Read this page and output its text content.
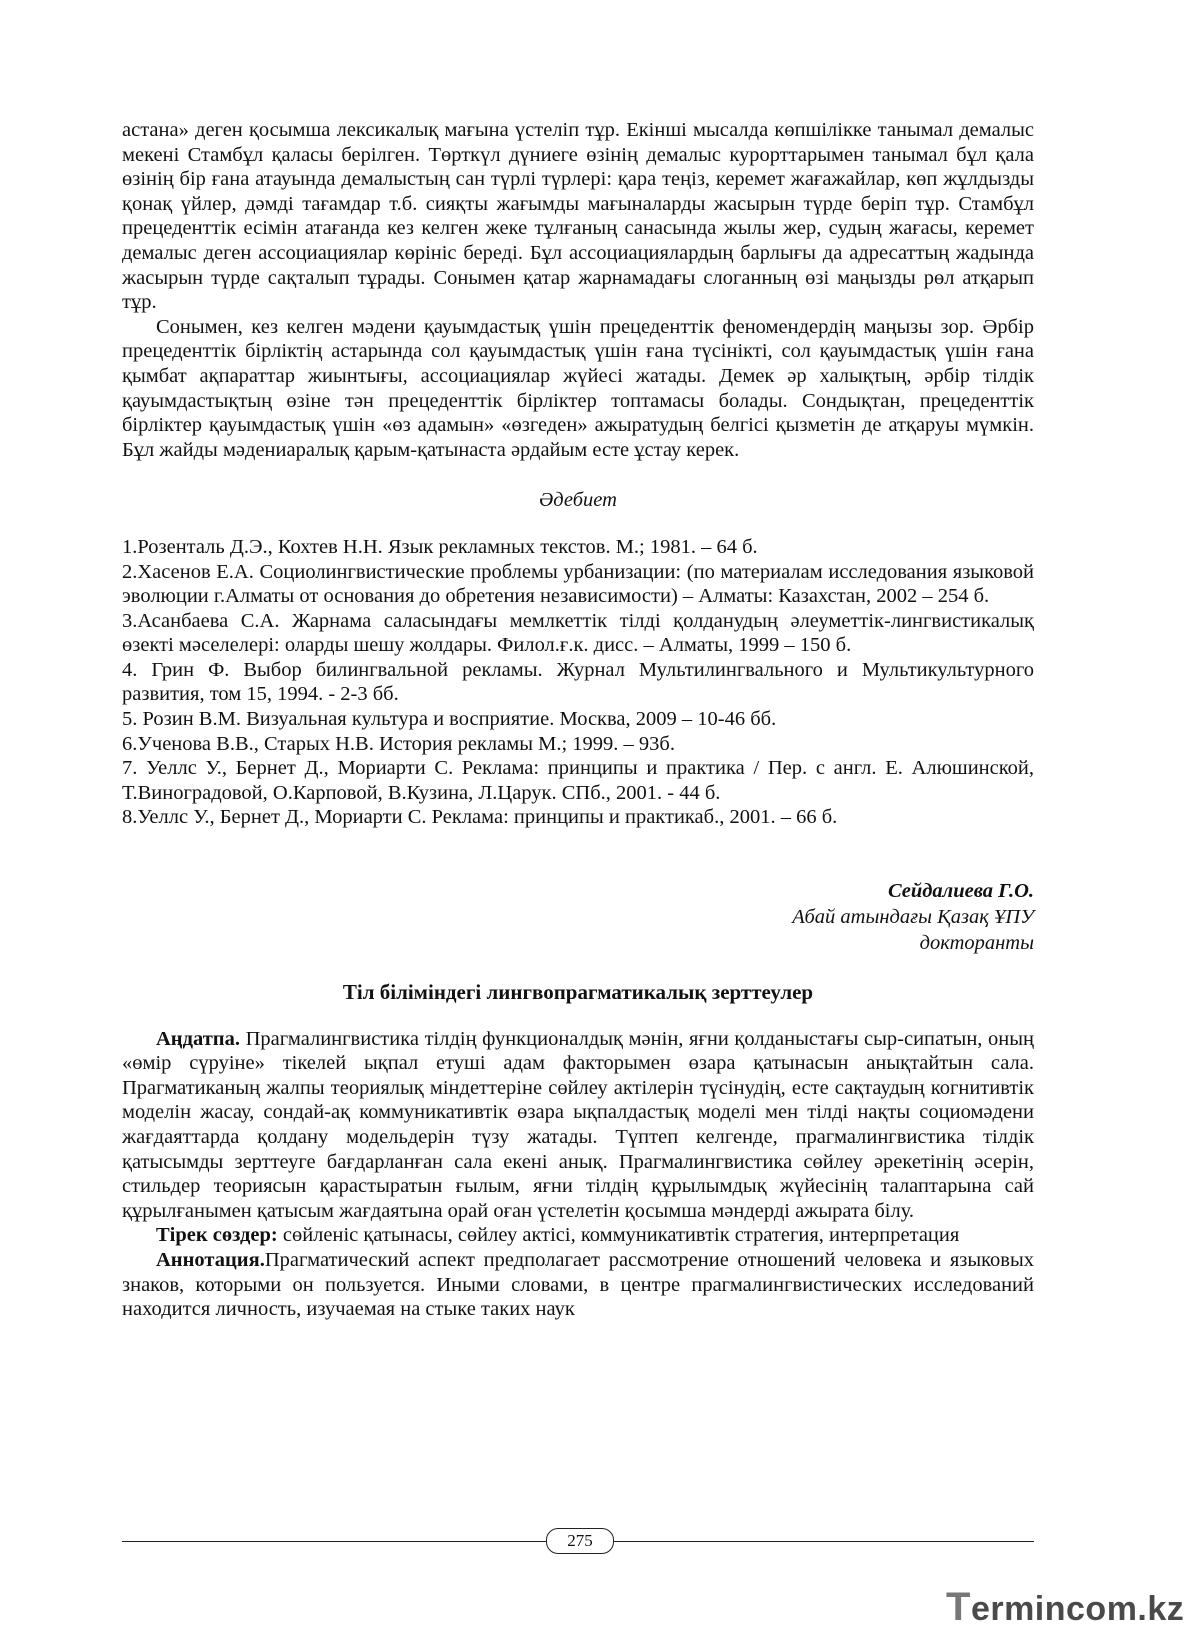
астана» деген қосымша лексикалық мағына үстеліп тұр. Екінші мысалда көпшілікке танымал демалыс мекені Стамбұл қаласы берілген. Төрткүл дүниеге өзінің демалыс курорттарымен танымал бұл қала өзінің бір ғана атауында демалыстың сан түрлі түрлері: қара теңіз, керемет жағажайлар, көп жұлдызды қонақ үйлер, дәмді тағамдар т.б. сияқты жағымды мағыналарды жасырын түрде беріп тұр. Стамбұл прецеденттік есімін атағанда кез келген жеке тұлғаның санасында жылы жер, судың жағасы, керемет демалыс деген ассоциациялар көрініс береді. Бұл ассоциациялардың барлығы да адресаттың жадында жасырын түрде сақталып тұрады. Сонымен қатар жарнамадағы слоганның өзі маңызды рөл атқарып тұр.

Сонымен, кез келген мәдени қауымдастық үшін прецеденттік феномендердің маңызы зор. Әрбір прецеденттік бірліктің астарында сол қауымдастық үшін ғана түсінікті, сол қауымдастық үшін ғана қымбат ақпараттар жиынтығы, ассоциациялар жүйесі жатады. Демек әр халықтың, әрбір тілдік қауымдастықтың өзіне тән прецеденттік бірліктер топтамасы болады. Сондықтан, прецеденттік бірліктер қауымдастық үшін «өз адамын» «өзгеден» ажыратудың белгісі қызметін де атқаруы мүмкін. Бұл жайды мәдениаралық қарым-қатынаста әрдайым есте ұстау керек.

Әдебиет

1.Розенталь Д.Э., Кохтев Н.Н. Язык рекламных текстов. М.; 1981. – 64 б.

2.Хасенов Е.А. Социолингвистические проблемы урбанизации: (по материалам исследования языковой эволюции г.Алматы от основания до обретения независимости) – Алматы: Казахстан, 2002 – 254 б.

3.Асанбаева С.А. Жарнама саласындағы мемлкеттік тілді қолданудың әлеуметтік-лингвистикалық өзекті мәселелері: оларды шешу жолдары. Филол.ғ.к. дисс. – Алматы, 1999 – 150 б.

4. Грин Ф. Выбор билингвальной рекламы. Журнал Мультилингвального и Мультикультурного развития, том 15, 1994. - 2-3 бб.

5. Розин В.М. Визуальная культура и восприятие. Москва, 2009 – 10-46 бб.

6.Ученова В.В., Старых Н.В. История рекламы М.; 1999. – 93б.

7. Уеллс У., Бернет Д., Мориарти С. Реклама: принципы и практика / Пер. с англ. Е. Алюшинской, Т.Виноградовой, О.Карповой, В.Кузина, Л.Царук. СПб., 2001. - 44 б.

8.Уеллс У., Бернет Д., Мориарти С. Реклама: принципы и практикаб., 2001. – 66 б.

Сейдалиева Г.О.
Абай атындағы Қазақ ҰПУ
докторанты
Тіл біліміндегі лингвопрагматикалық зерттеулер

Аңдатпа. Прагмалингвистика тілдің функционалдық мәнін, яғни қолданыстағы сыр-сипатын, оның «өмір сүруіне» тікелей ықпал етуші адам факторымен өзара қатынасын анықтайтын сала. Прагматиканың жалпы теориялық міндеттеріне сөйлеу актілерін түсінудің, есте сақтаудың когнитивтік моделін жасау, сондай-ақ коммуникативтік өзара ықпалдастық моделі мен тілді нақты социомәдени жағдаяттарда қолдану модельдерін түзу жатады. Түптеп келгенде, прагмалингвистика тілдік қатысымды зерттеуге бағдарланған сала екені анық. Прагмалингвистика сөйлеу әрекетінің әсерін, стильдер теориясын қарастыратын ғылым, яғни тілдің құрылымдық жүйесінің талаптарына сай құрылғанымен қатысым жағдаятына орай оған үстелетін қосымша мәндерді ажырата білу.

Тірек сөздер: сөйленіс қатынасы, сөйлеу актісі, коммуникативтік стратегия, интерпретация

Аннотация.Прагматический аспект предполагает рассмотрение отношений человека и языковых знаков, которыми он пользуется. Иными словами, в центре прагмалингвистических исследований находится личность, изучаемая на стыке таких наук

275
Termincom.kz
